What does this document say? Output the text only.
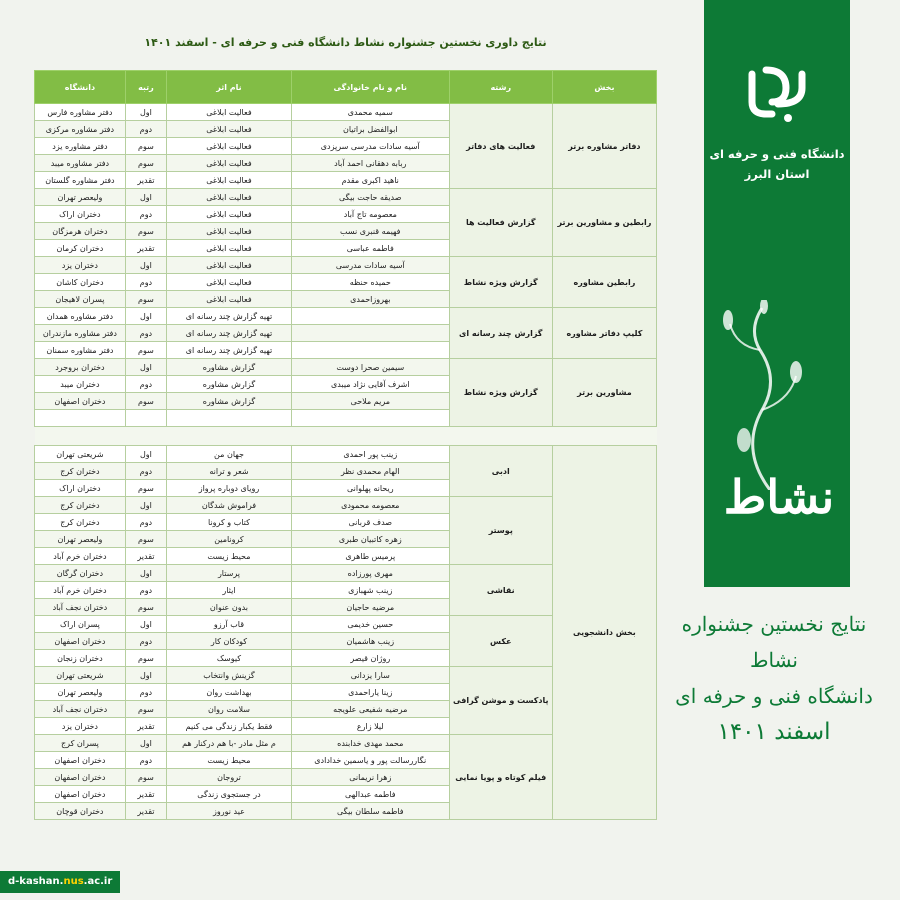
نتایج داوری نخستین جشنواره نشاط دانشگاه فنی و حرفه ای - اسفند ۱۴۰۱
بخش	رشته	نام و نام خانوادگی	نام اثر	رتبه	دانشگاه
دفاتر مشاوره برتر	فعالیت های دفاتر	سمیه محمدی	فعالیت ابلاغی	اول	دفتر مشاوره فارس
		ابوالفضل براتیان	فعالیت ابلاغی	دوم	دفتر مشاوره مرکزی
		آسیه سادات مدرسی سرپزدی	فعالیت ابلاغی	سوم	دفتر مشاوره یزد
		ربابه دهقانی احمد آباد	فعالیت ابلاغی	سوم	دفتر مشاوره میبد
		ناهید اکبری مقدم	فعالیت ابلاغی	تقدیر	دفتر مشاوره گلستان
رابطین و مشاورین برتر	گزارش فعالیت ها	صدیقه حاجت بیگی	فعالیت ابلاغی	اول	ولیعصر تهران
		معصومه تاج آباد	فعالیت ابلاغی	دوم	دختران اراک
		فهیمه قنبری نسب	فعالیت ابلاغی	سوم	دختران هرمزگان
		فاطمه عباسی	فعالیت ابلاغی	تقدیر	دختران کرمان
رابطین مشاوره	گزارش ویژه نشاط	آسیه سادات مدرسی	فعالیت ابلاغی	اول	دختران یزد
		حمیده حنظه	فعالیت ابلاغی	دوم	دختران کاشان
		بهروزاحمدی	فعالیت ابلاغی	سوم	پسران لاهیجان
کلیپ دفاتر مشاوره	گزارش چند رسانه ای		تهیه گزارش چند رسانه ای	اول	دفتر مشاوره همدان
			تهیه گزارش چند رسانه ای	دوم	دفتر مشاوره مازندران
			تهیه گزارش چند رسانه ای	سوم	دفتر مشاوره سمنان
مشاورین برتر	گزارش ویژه نشاط	سیمین صحرا دوست	گزارش مشاوره	اول	دختران بروجرد
		اشرف آقایی نژاد میبدی	گزارش مشاوره	دوم	دختران میبد
		مریم ملاحی	گزارش مشاوره	سوم	دختران اصفهان

بخش دانشجویی	ادبی	زینب پور احمدی	جهان من	اول	شریعتی تهران
		الهام محمدی نظر	شعر و ترانه	دوم	دختران کرج
		ریحانه پهلوانی	رویای دوباره پرواز	سوم	دختران اراک
	پوستر	معصومه محمودی	فراموش شدگان	اول	دختران کرج
		صدف قربانی	کتاب و کرونا	دوم	دختران کرج
		زهره کاتبیان طبری	کرونامین	سوم	ولیعصر تهران
		پرمیس طاهری	محیط زیست	تقدیر	دختران خرم آباد
	نقاشی	مهری پورزاده	پرستار	اول	دختران گرگان
		زینب شهبازی	ایثار	دوم	دختران خرم آباد
		مرضیه حاجیان	بدون عنوان	سوم	دختران نجف آباد
	عکس	حسین خدیمی	قاب آرزو	اول	پسران اراک
		زینب هاشمیان	کودکان کار	دوم	دختران اصفهان
		روژان قیصر	کیوسک	سوم	دختران زنجان
	پادکست و موشن گرافی	سارا یزدانی	گزینش وانتخاب	اول	شریعتی تهران
		زینا یاراحمدی	بهداشت روان	دوم	ولیعصر تهران
		مرضیه شفیعی علویجه	سلامت روان	سوم	دختران نجف آباد
		لیلا زارع	فقط یکبار زندگی می کنیم	تقدیر	دختران یزد
	فیلم کوتاه و پویا نمایی	محمد مهدی خدابنده	م مثل مادر -با هم درکنار هم	اول	پسران کرج
		نگاررسالت پور و یاسمین خدادادی	محیط زیست	دوم	دختران اصفهان
		زهرا نریمانی	تروجان	سوم	دختران اصفهان
		فاطمه عبدالهی	در جستجوی زندگی	تقدیر	دختران اصفهان
		فاطمه سلطان بیگی	عید نوروز	تقدیر	دختران قوچان
دانشگاه فنی و حرفه ای
استان البرز
نشاط
نتایج نخستین جشنواره نشاط
دانشگاه فنی و حرفه ای
اسفند ۱۴۰۱
d-kashan.nus.ac.ir
